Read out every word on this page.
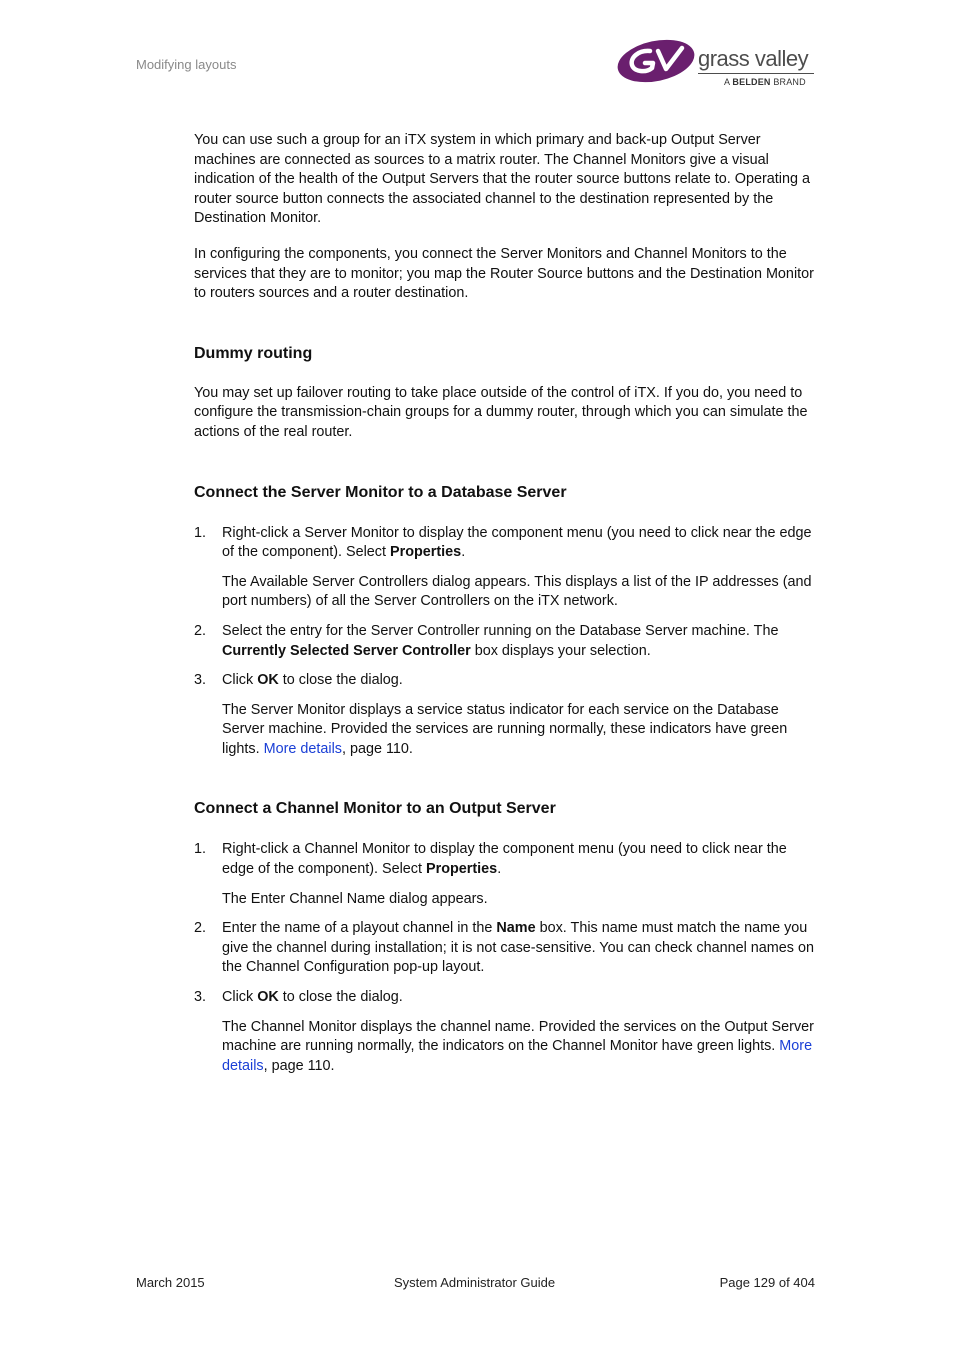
Modifying layouts	grass valley
A BELDEN BRAND

You can use such a group for an iTX system in which primary and back-up Output Server machines are connected as sources to a matrix router. The Channel Monitors give a visual indication of the health of the Output Servers that the router source buttons relate to. Operating a router source button connects the associated channel to the destination represented by the Destination Monitor.

In configuring the components, you connect the Server Monitors and Channel Monitors to the services that they are to monitor; you map the Router Source buttons and the Destination Monitor to routers sources and a router destination.

Dummy routing

You may set up failover routing to take place outside of the control of iTX. If you do, you need to configure the transmission-chain groups for a dummy router, through which you can simulate the actions of the real router.

Connect the Server Monitor to a Database Server
1. Right-click a Server Monitor to display the component menu (you need to click near the edge of the component). Select Properties.

The Available Server Controllers dialog appears. This displays a list of the IP addresses (and port numbers) of all the Server Controllers on the iTX network.

2. Select the entry for the Server Controller running on the Database Server machine. The Currently Selected Server Controller box displays your selection.

3. Click OK to close the dialog.

The Server Monitor displays a service status indicator for each service on the Database Server machine. Provided the services are running normally, these indicators have green lights. More details, page 110.

Connect a Channel Monitor to an Output Server
1. Right-click a Channel Monitor to display the component menu (you need to click near the edge of the component). Select Properties.

The Enter Channel Name dialog appears.

2. Enter the name of a playout channel in the Name box. This name must match the name you give the channel during installation; it is not case-sensitive. You can check channel names on the Channel Configuration pop-up layout.

3. Click OK to close the dialog.

The Channel Monitor displays the channel name. Provided the services on the Output Server machine are running normally, the indicators on the Channel Monitor have green lights. More details, page 110.

March 2015	System Administrator Guide	Page 129 of 404
